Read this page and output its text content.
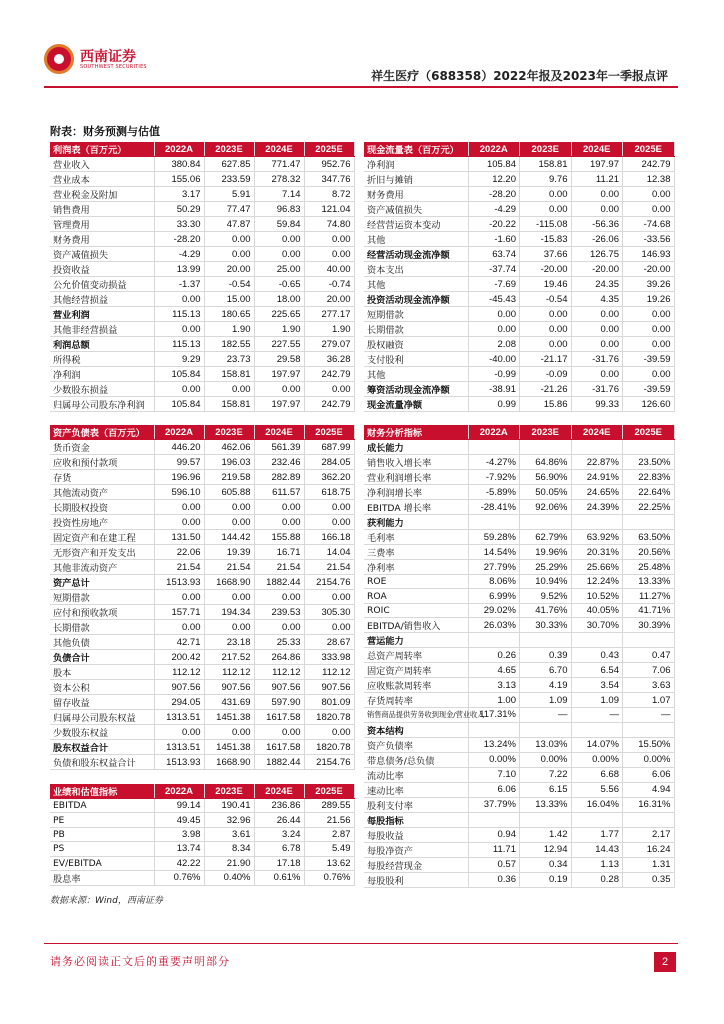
西南证券
SOUTHWEST SECURITIES
祥生医疗（688358）2022年报及2023年一季报点评
附表：财务预测与估值
利润表（百万元）	2022A	2023E	2024E	2025E
营业收入	380.84	627.85	771.47	952.76
营业成本	155.06	233.59	278.32	347.76
营业税金及附加	3.17	5.91	7.14	8.72
销售费用	50.29	77.47	96.83	121.04
管理费用	33.30	47.87	59.84	74.80
财务费用	-28.20	0.00	0.00	0.00
资产减值损失	-4.29	0.00	0.00	0.00
投资收益	13.99	20.00	25.00	40.00
公允价值变动损益	-1.37	-0.54	-0.65	-0.74
其他经营损益	0.00	15.00	18.00	20.00
营业利润	115.13	180.65	225.65	277.17
其他非经营损益	0.00	1.90	1.90	1.90
利润总额	115.13	182.55	227.55	279.07
所得税	9.29	23.73	29.58	36.28
净利润	105.84	158.81	197.97	242.79
少数股东损益	0.00	0.00	0.00	0.00
归属母公司股东净利润	105.84	158.81	197.97	242.79
现金流量表（百万元）	2022A	2023E	2024E	2025E
净利润	105.84	158.81	197.97	242.79
折旧与摊销	12.20	9.76	11.21	12.38
财务费用	-28.20	0.00	0.00	0.00
资产减值损失	-4.29	0.00	0.00	0.00
经营营运资本变动	-20.22	-115.08	-56.36	-74.68
其他	-1.60	-15.83	-26.06	-33.56
经营活动现金流净额	63.74	37.66	126.75	146.93
资本支出	-37.74	-20.00	-20.00	-20.00
其他	-7.69	19.46	24.35	39.26
投资活动现金流净额	-45.43	-0.54	4.35	19.26
短期借款	0.00	0.00	0.00	0.00
长期借款	0.00	0.00	0.00	0.00
股权融资	2.08	0.00	0.00	0.00
支付股利	-40.00	-21.17	-31.76	-39.59
其他	-0.99	-0.09	0.00	0.00
筹资活动现金流净额	-38.91	-21.26	-31.76	-39.59
现金流量净额	0.99	15.86	99.33	126.60
资产负债表（百万元）	2022A	2023E	2024E	2025E
货币资金	446.20	462.06	561.39	687.99
应收和预付款项	99.57	196.03	232.46	284.05
存货	196.96	219.58	282.89	362.20
其他流动资产	596.10	605.88	611.57	618.75
长期股权投资	0.00	0.00	0.00	0.00
投资性房地产	0.00	0.00	0.00	0.00
固定资产和在建工程	131.50	144.42	155.88	166.18
无形资产和开发支出	22.06	19.39	16.71	14.04
其他非流动资产	21.54	21.54	21.54	21.54
资产总计	1513.93	1668.90	1882.44	2154.76
短期借款	0.00	0.00	0.00	0.00
应付和预收款项	157.71	194.34	239.53	305.30
长期借款	0.00	0.00	0.00	0.00
其他负债	42.71	23.18	25.33	28.67
负债合计	200.42	217.52	264.86	333.98
股本	112.12	112.12	112.12	112.12
资本公积	907.56	907.56	907.56	907.56
留存收益	294.05	431.69	597.90	801.09
归属母公司股东权益	1313.51	1451.38	1617.58	1820.78
少数股东权益	0.00	0.00	0.00	0.00
股东权益合计	1313.51	1451.38	1617.58	1820.78
负债和股东权益合计	1513.93	1668.90	1882.44	2154.76
财务分析指标	2022A	2023E	2024E	2025E
成长能力				
销售收入增长率	-4.27%	64.86%	22.87%	23.50%
营业利润增长率	-7.92%	56.90%	24.91%	22.83%
净利润增长率	-5.89%	50.05%	24.65%	22.64%
EBITDA 增长率	-28.41%	92.06%	24.39%	22.25%
获利能力				
毛利率	59.28%	62.79%	63.92%	63.50%
三费率	14.54%	19.96%	20.31%	20.56%
净利率	27.79%	25.29%	25.66%	25.48%
ROE	8.06%	10.94%	12.24%	13.33%
ROA	6.99%	9.52%	10.52%	11.27%
ROIC	29.02%	41.76%	40.05%	41.71%
EBITDA/销售收入	26.03%	30.33%	30.70%	30.39%
营运能力				
总资产周转率	0.26	0.39	0.43	0.47
固定资产周转率	4.65	6.70	6.54	7.06
应收账款周转率	3.13	4.19	3.54	3.63
存货周转率	1.00	1.09	1.09	1.07
销售商品提供劳务收到现金/营业收入	117.31%	—	—	—
资本结构				
资产负债率	13.24%	13.03%	14.07%	15.50%
带息债务/总负债	0.00%	0.00%	0.00%	0.00%
流动比率	7.10	7.22	6.68	6.06
速动比率	6.06	6.15	5.56	4.94
股利支付率	37.79%	13.33%	16.04%	16.31%
每股指标				
每股收益	0.94	1.42	1.77	2.17
每股净资产	11.71	12.94	14.43	16.24
每股经营现金	0.57	0.34	1.13	1.31
每股股利	0.36	0.19	0.28	0.35
业绩和估值指标	2022A	2023E	2024E	2025E
EBITDA	99.14	190.41	236.86	289.55
PE	49.45	32.96	26.44	21.56
PB	3.98	3.61	3.24	2.87
PS	13.74	8.34	6.78	5.49
EV/EBITDA	42.22	21.90	17.18	13.62
股息率	0.76%	0.40%	0.61%	0.76%
数据来源：Wind，西南证券
请务必阅读正文后的重要声明部分	2
